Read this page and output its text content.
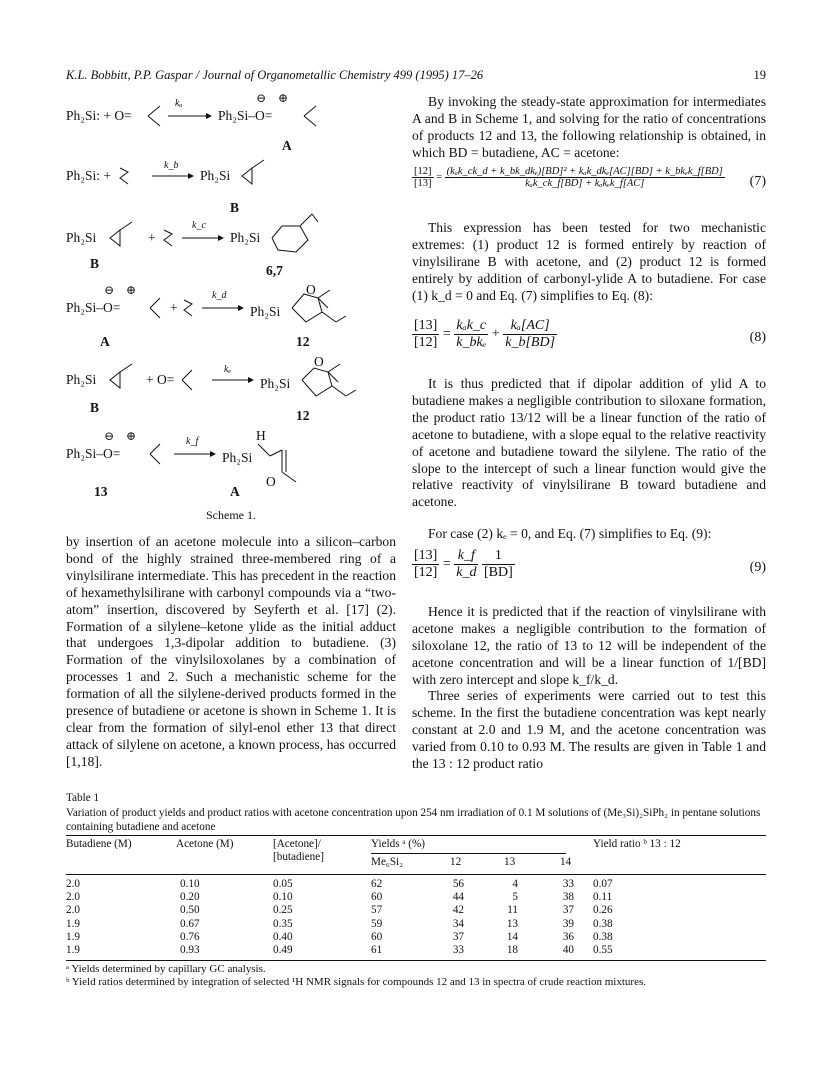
K.L. Bobbitt, P.P. Gaspar / Journal of Organometallic Chemistry 499 (1995) 17–26	19
Ph₂Si: + O=
kₐ
Ph₂Si–O=
⊖ ⊕
A
Ph₂Si: +
k_b
Ph₂Si
B
Ph₂Si	+
k_c
Ph₂Si
B	6,7
Ph₂Si–O=
⊖ ⊕
+
k_d
Ph₂Si
O
A	12
Ph₂Si	+ O=
kₑ
Ph₂Si
O
B
12
Ph₂Si–O=
⊖ ⊕	k_f
Ph₂Si
H
O
A
13
Scheme 1.

by insertion of an acetone molecule into a silicon–carbon bond of the highly strained three-membered ring of a vinylsilirane intermediate. This has precedent in the reaction of hexamethylsilirane with carbonyl compounds via a “two-atom” insertion, discovered by Seyferth et al. [17] (2). Formation of a silylene–ketone ylide as the initial adduct that undergoes 1,3-dipolar addition to butadiene. (3) Formation of the vinylsiloxolanes by a combination of processes 1 and 2. Such a mechanistic scheme for the formation of all the silylene-derived products formed in the presence of butadiene or acetone is shown in Scheme 1. It is clear from the formation of silyl-enol ether 13 that direct attack of silylene on acetone, a known process, has occurred [1,18].

By invoking the steady-state approximation for intermediates A and B in Scheme 1, and solving for the ratio of concentrations of products 12 and 13, the following relationship is obtained, in which BD = butadiene, AC = acetone:

$\frac{[12]}{[13]} = \frac{\text{(kₐk\_ck\_d + k\_bk\_dkₑ)[BD]² + kₐk\_dkₑ[AC][BD] + k\_bkₑk\_f[BD]}}{\text{kₐk\_ck\_f[BD] + kₐkₑk\_f[AC]}} (7)$

This expression has been tested for two mechanistic extremes: (1) product 12 is formed entirely by reaction of vinylsilirane B with acetone, and (2) product 12 is formed entirely by addition of carbonyl-ylide A to butadiene. For case (1) k_d = 0 and Eq. (7) simplifies to Eq. (8):

$\frac{[13]}{[12]} = \frac{\text{kₐk\_c}}{\text{k\_bkₑ}} + \frac{\text{kₐ[AC]}}{k\_b[BD]}$	(8)

It is thus predicted that if dipolar addition of ylid A to butadiene makes a negligible contribution to siloxane formation, the product ratio 13/12 will be a linear function of the ratio of acetone to butadiene, with a slope equal to the relative reactivity of acetone and butadiene toward the silylene. The ratio of the slope to the intercept of such a linear function would give the relative reactivity of vinylsilirane B toward butadiene and acetone.

For case (2) kₑ = 0, and Eq. (7) simplifies to Eq. (9):

$\frac{[13]}{[12]} = \frac{k\_f}{k\_d}$
$\frac{1}{[BD]}$	(9)

Hence it is predicted that if the reaction of vinylsilirane with acetone makes a negligible contribution to the formation of siloxolane 12, the ratio of 13 to 12 will be independent of the acetone concentration and will be a linear function of 1/[BD] with zero intercept and slope k_f/k_d.

Three series of experiments were carried out to test this scheme. In the first the butadiene concentration was kept nearly constant at 2.0 and 1.9 M, and the acetone concentration was varied from 0.10 to 0.93 M. The results are given in Table 1 and the 13 : 12 product ratio

Table 1
Variation of product yields and product ratios with acetone concentration upon 254 nm irradiation of 0.1 M solutions of (Me₃Si)₂SiPh₂ in pentane solutions containing butadiene and acetone
Butadiene (M)	Acetone (M)	[Acetone]/
[butadiene]
Yields ᵃ (%)	Yield ratio ᵇ 13 : 12
Me₆Si₂	12	13	14
2.0	0.10	0.05	62	56	4	33 0.07
2.0	0.20	0.10	60	44	5	38 0.11
2.0	0.50	0.25	57	42	11	37 0.26
1.9	0.67	0.35	59	34	13	39 0.38
1.9	0.76	0.40	60	37	14	36 0.38
1.9	0.93	0.49	61	33	18	40 0.55
ᵃ Yields determined by capillary GC analysis.
ᵇ Yield ratios determined by integration of selected ¹H NMR signals for compounds 12 and 13 in spectra of crude reaction mixtures.
